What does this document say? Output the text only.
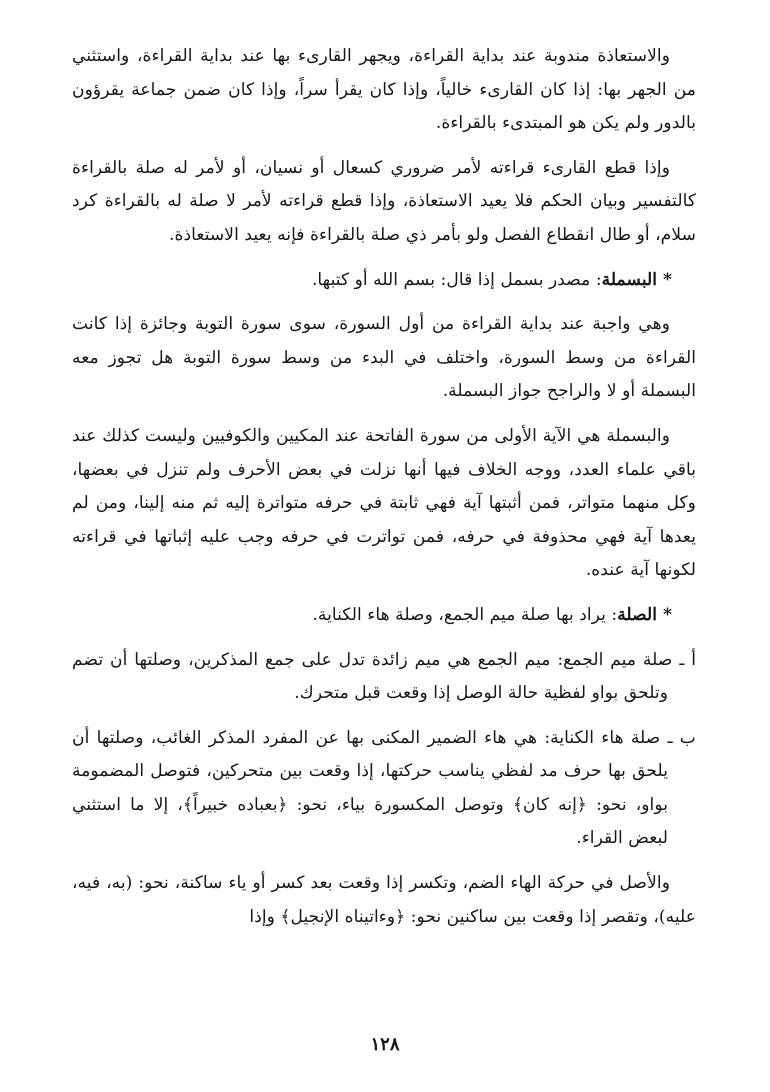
والاستعاذة مندوبة عند بداية القراءة، ويجهر القارىء بها عند بداية القراءة، واستثني من الجهر بها: إذا كان القارىء خالياً، وإذا كان يقرأ سراً، وإذا كان ضمن جماعة يقرؤون بالدور ولم يكن هو المبتدىء بالقراءة.

وإذا قطع القارىء قراءته لأمر ضروري كسعال أو نسيان، أو لأمر له صلة بالقراءة كالتفسير وبيان الحكم فلا يعيد الاستعاذة، وإذا قطع قراءته لأمر لا صلة له بالقراءة كرد سلام، أو طال انقطاع الفصل ولو بأمر ذي صلة بالقراءة فإنه يعيد الاستعاذة.

* البسملة: مصدر بسمل إذا قال: بسم الله أو كتبها.

وهي واجبة عند بداية القراءة من أول السورة، سوى سورة التوبة وجائزة إذا كانت القراءة من وسط السورة، واختلف في البدء من وسط سورة التوبة هل تجوز معه البسملة أو لا والراجح جواز البسملة.

والبسملة هي الآية الأولى من سورة الفاتحة عند المكيين والكوفيين وليست كذلك عند باقي علماء العدد، ووجه الخلاف فيها أنها نزلت في بعض الأحرف ولم تنزل في بعضها، وكل منهما متواتر، فمن أثبتها آية فهي ثابتة في حرفه متواترة إليه ثم منه إلينا، ومن لم يعدها آية فهي محذوفة في حرفه، فمن تواترت في حرفه وجب عليه إثباتها في قراءته لكونها آية عنده.

* الصلة: يراد بها صلة ميم الجمع، وصلة هاء الكناية.

أ ـ صلة ميم الجمع: ميم الجمع هي ميم زائدة تدل على جمع المذكرين، وصلتها أن تضم وتلحق بواو لفظية حالة الوصل إذا وقعت قبل متحرك.

ب ـ صلة هاء الكناية: هي هاء الضمير المكنى بها عن المفرد المذكر الغائب، وصلتها أن يلحق بها حرف مد لفظي يناسب حركتها، إذا وقعت بين متحركين، فتوصل المضمومة بواو، نحو: ﴿إنه كان﴾ وتوصل المكسورة بياء، نحو: ﴿بعباده خبيراً﴾، إلا ما استثني لبعض القراء.

والأصل في حركة الهاء الضم، وتكسر إذا وقعت بعد كسر أو ياء ساكنة، نحو: (به، فيه، عليه)، وتقصر إذا وقعت بين ساكنين نحو: ﴿وءاتيناه الإنجيل﴾ وإذا

١٢٨
